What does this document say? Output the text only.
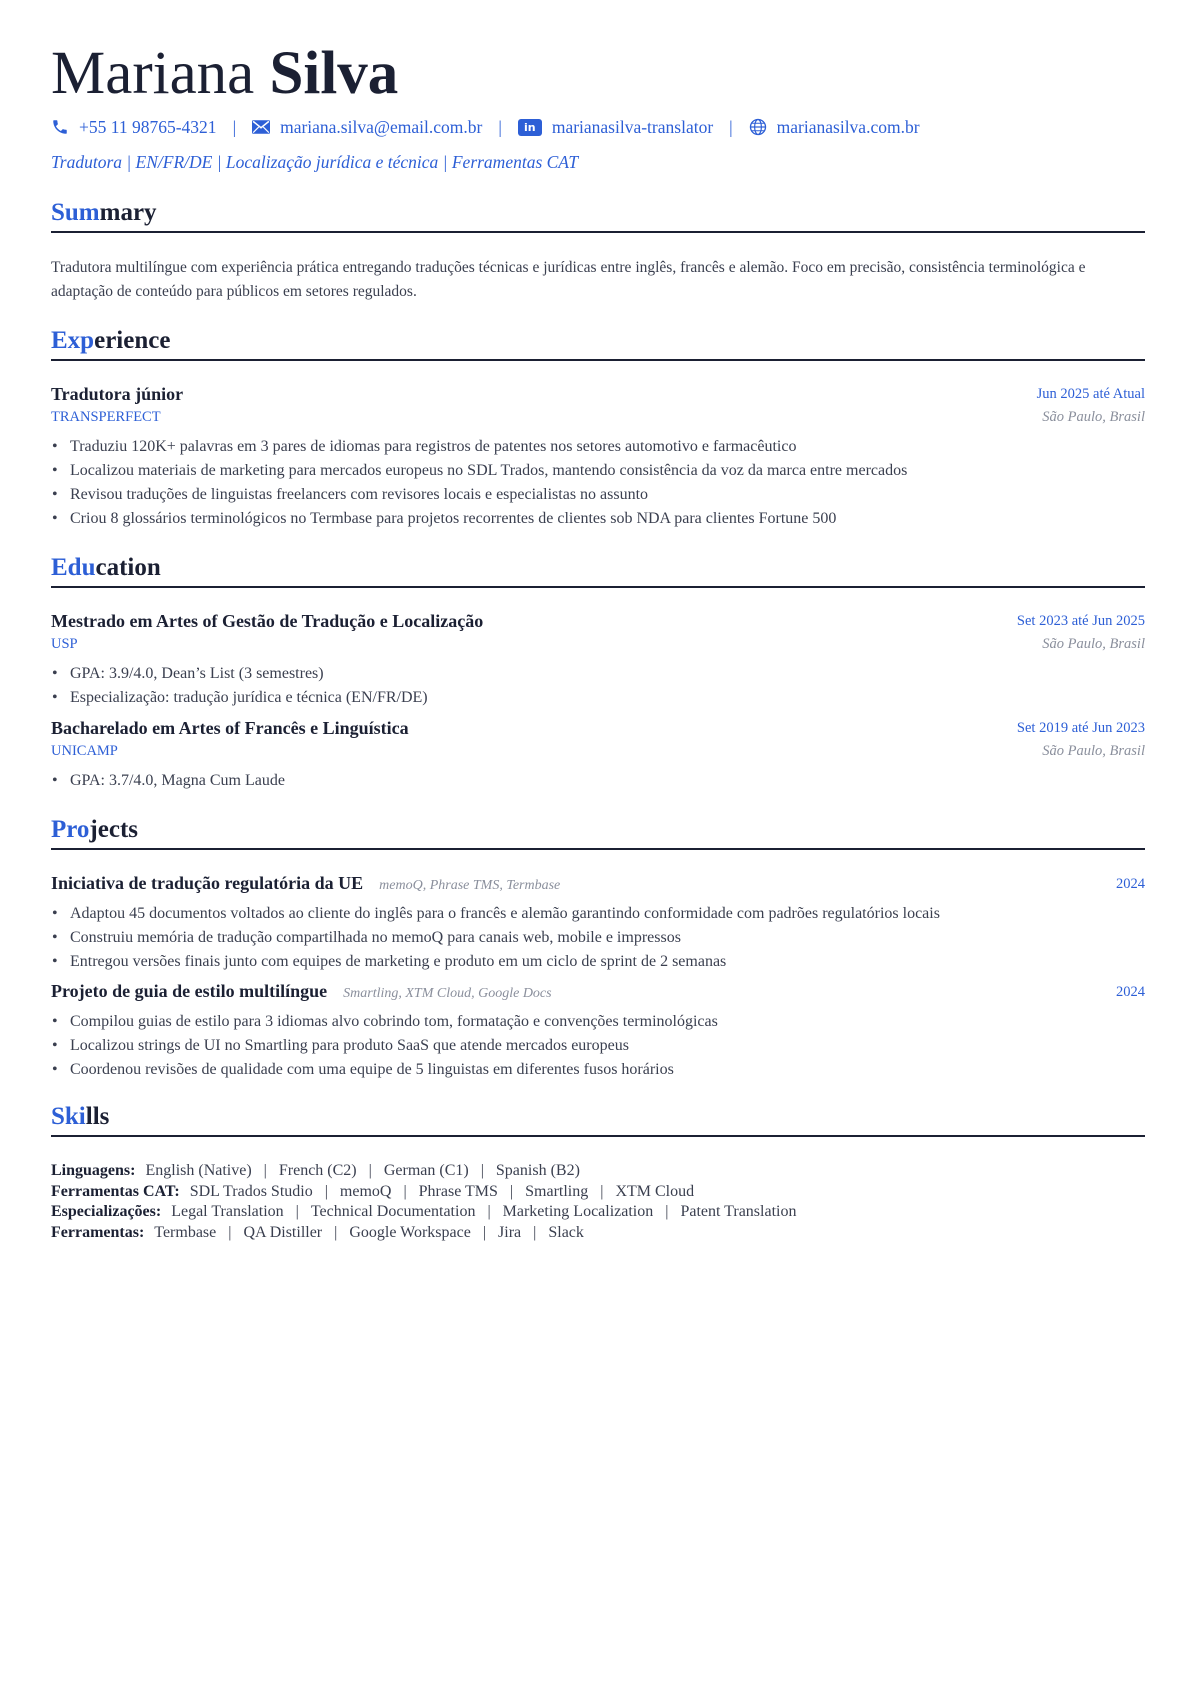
Mariana Silva
+55 11 98765-4321 |	mariana.silva@email.com.br |	in marianasilva-translator |	marianasilva.com.br
Tradutora | EN/FR/DE | Localização jurídica e técnica | Ferramentas CAT
Summary
Tradutora multilíngue com experiência prática entregando traduções técnicas e jurídicas entre inglês, francês e alemão. Foco em precisão, consistência terminológica e adaptação de conteúdo para públicos em setores regulados.
Experience
Tradutora júnior	Jun 2025 até Atual
TRANSPERFECT	São Paulo, Brasil
• Traduziu 120K+ palavras em 3 pares de idiomas para registros de patentes nos setores automotivo e farmacêutico
• Localizou materiais de marketing para mercados europeus no SDL Trados, mantendo consistência da voz da marca entre mercados
• Revisou traduções de linguistas freelancers com revisores locais e especialistas no assunto
• Criou 8 glossários terminológicos no Termbase para projetos recorrentes de clientes sob NDA para clientes Fortune 500
Education
Mestrado em Artes of Gestão de Tradução e Localização	Set 2023 até Jun 2025
USP	São Paulo, Brasil
• GPA: 3.9/4.0, Dean’s List (3 semestres)
• Especialização: tradução jurídica e técnica (EN/FR/DE)
Bacharelado em Artes of Francês e Linguística	Set 2019 até Jun 2023
UNICAMP	São Paulo, Brasil
• GPA: 3.7/4.0, Magna Cum Laude
Projects
Iniciativa de tradução regulatória da UE memoQ, Phrase TMS, Termbase	2024
• Adaptou 45 documentos voltados ao cliente do inglês para o francês e alemão garantindo conformidade com padrões regulatórios locais
• Construiu memória de tradução compartilhada no memoQ para canais web, mobile e impressos
• Entregou versões finais junto com equipes de marketing e produto em um ciclo de sprint de 2 semanas
Projeto de guia de estilo multilíngue Smartling, XTM Cloud, Google Docs	2024
• Compilou guias de estilo para 3 idiomas alvo cobrindo tom, formatação e convenções terminológicas
• Localizou strings de UI no Smartling para produto SaaS que atende mercados europeus
• Coordenou revisões de qualidade com uma equipe de 5 linguistas em diferentes fusos horários
Skills
Linguagens: English (Native) | French (C2) | German (C1) | Spanish (B2)
Ferramentas CAT: SDL Trados Studio | memoQ | Phrase TMS | Smartling | XTM Cloud
Especializações: Legal Translation | Technical Documentation | Marketing Localization | Patent Translation
Ferramentas: Termbase | QA Distiller | Google Workspace | Jira | Slack
